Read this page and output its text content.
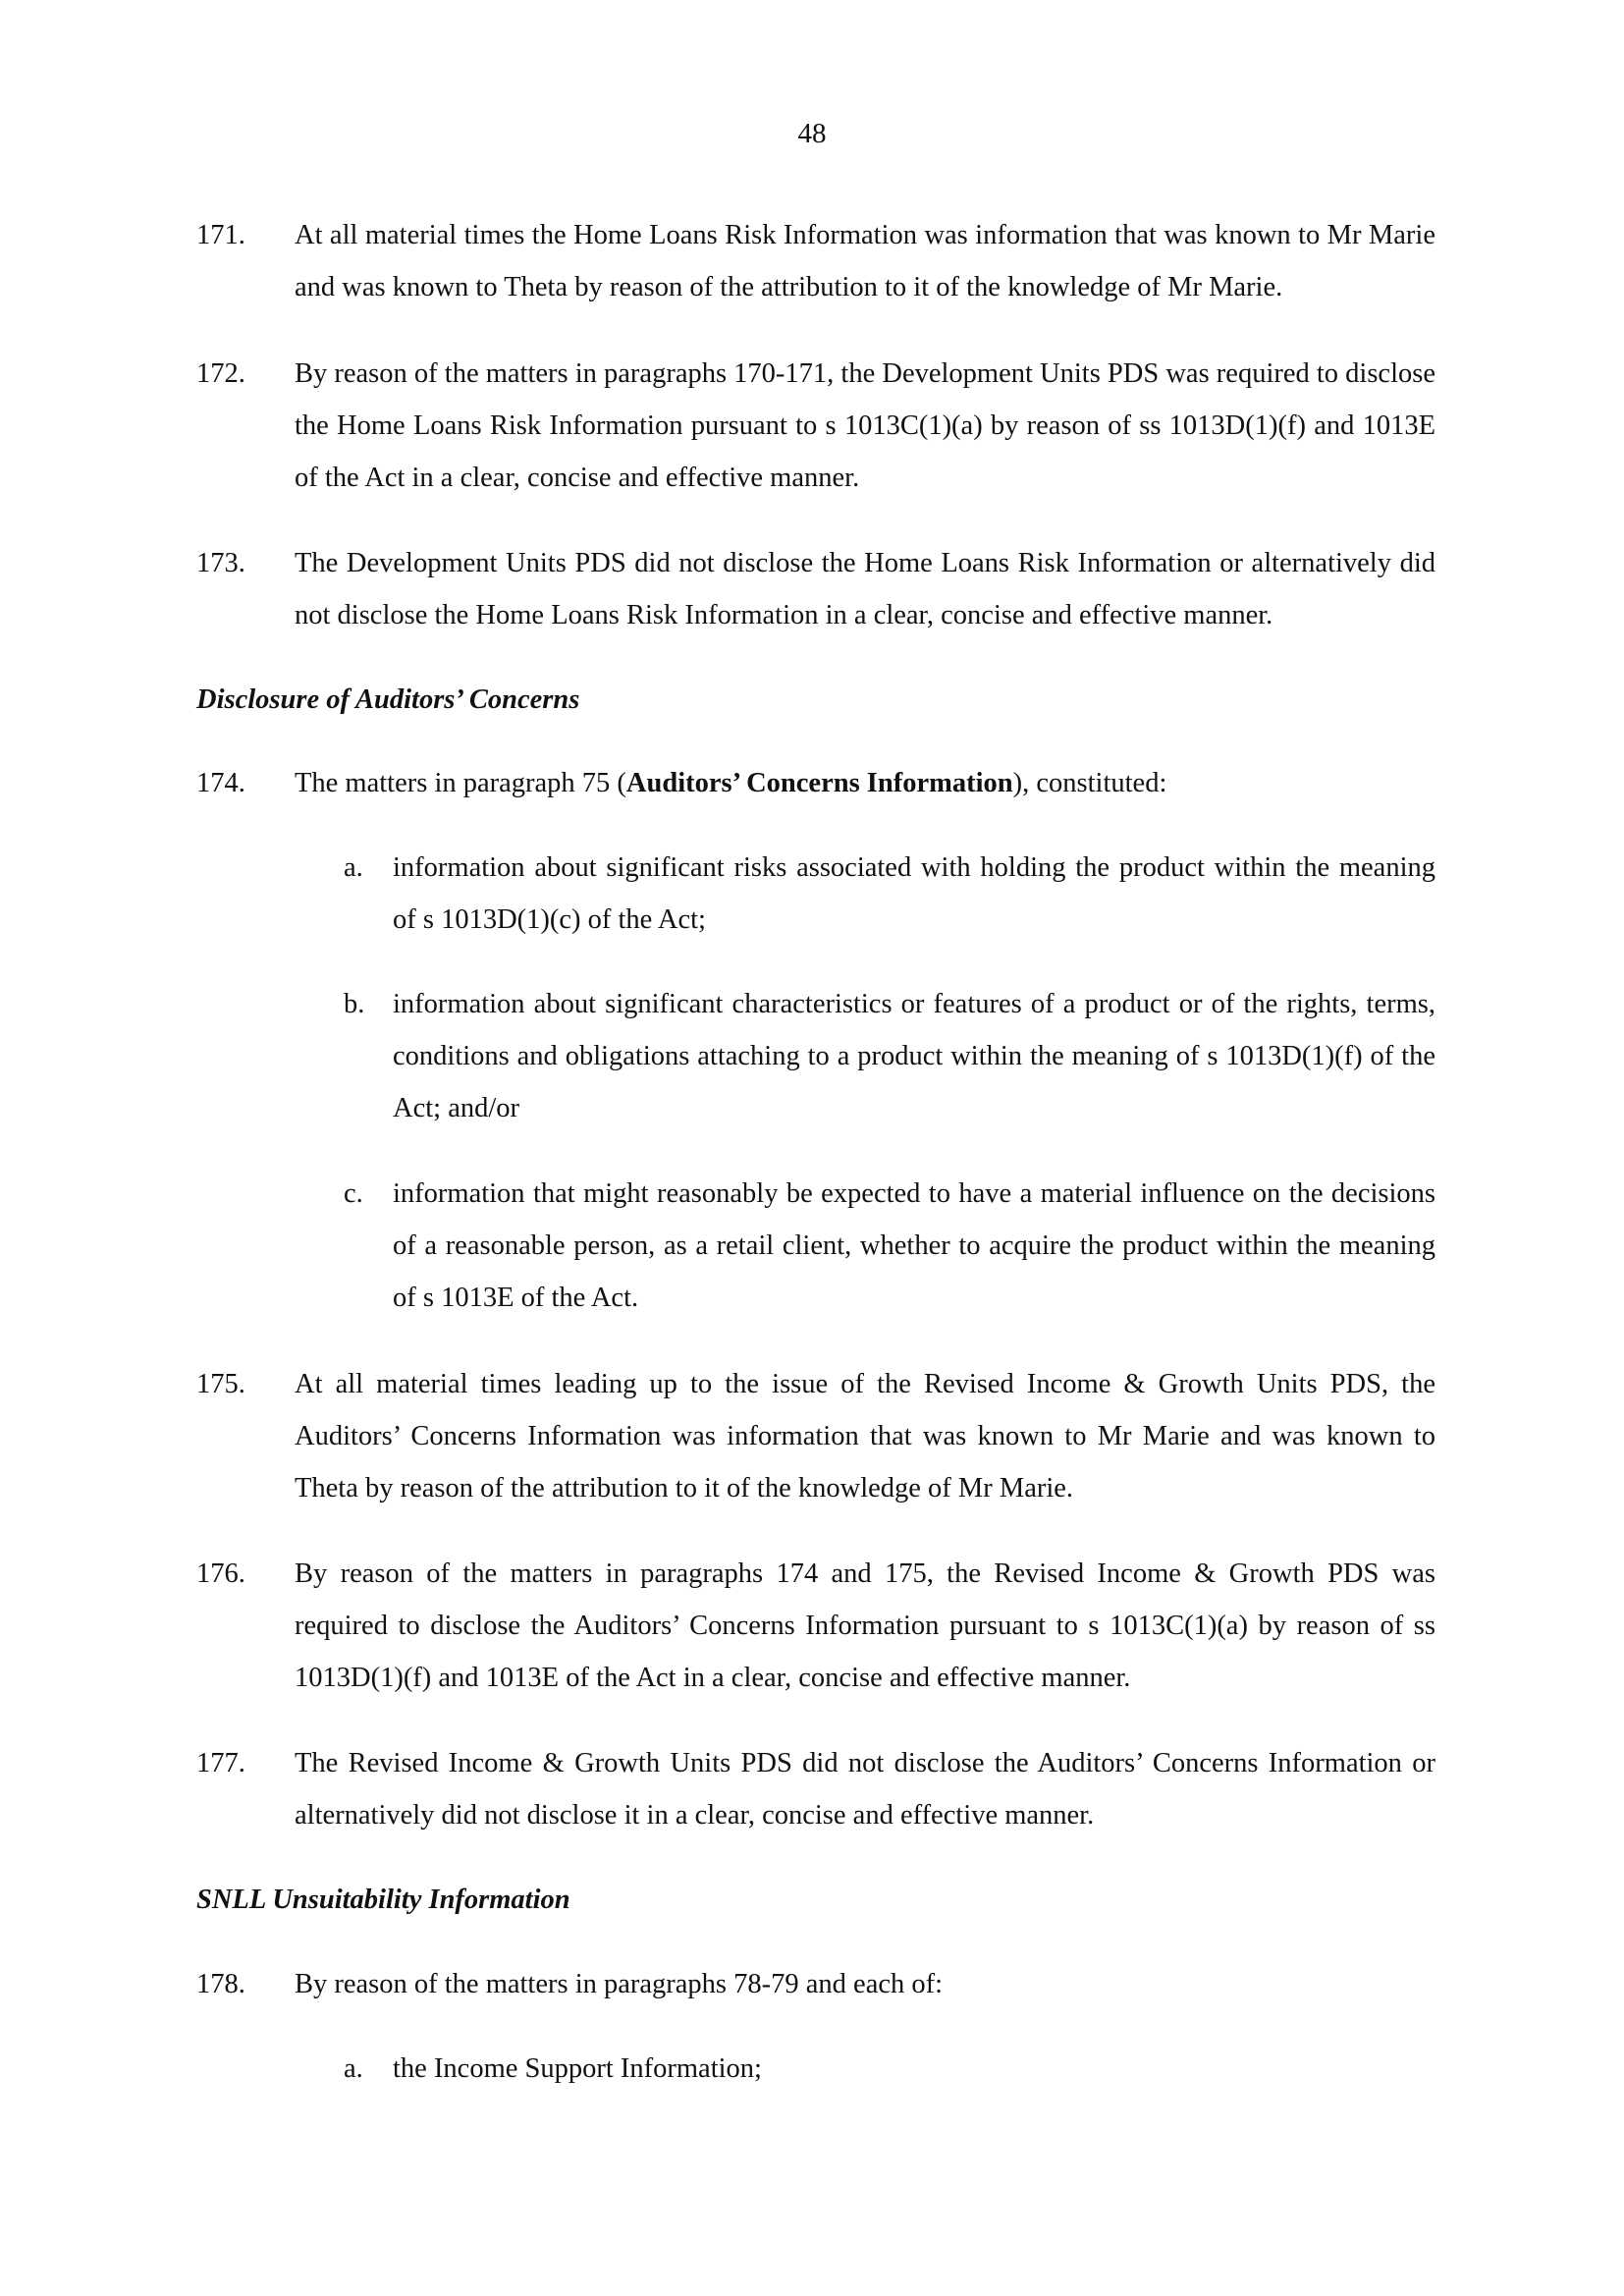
48
171. At all material times the Home Loans Risk Information was information that was known to Mr Marie and was known to Theta by reason of the attribution to it of the knowledge of Mr Marie.
172. By reason of the matters in paragraphs 170-171, the Development Units PDS was required to disclose the Home Loans Risk Information pursuant to s 1013C(1)(a) by reason of ss 1013D(1)(f) and 1013E of the Act in a clear, concise and effective manner.
173. The Development Units PDS did not disclose the Home Loans Risk Information or alternatively did not disclose the Home Loans Risk Information in a clear, concise and effective manner.
Disclosure of Auditors’ Concerns
174. The matters in paragraph 75 (Auditors’ Concerns Information), constituted:
a. information about significant risks associated with holding the product within the meaning of s 1013D(1)(c) of the Act;
b. information about significant characteristics or features of a product or of the rights, terms, conditions and obligations attaching to a product within the meaning of s 1013D(1)(f) of the Act; and/or
c. information that might reasonably be expected to have a material influence on the decisions of a reasonable person, as a retail client, whether to acquire the product within the meaning of s 1013E of the Act.
175. At all material times leading up to the issue of the Revised Income & Growth Units PDS, the Auditors’ Concerns Information was information that was known to Mr Marie and was known to Theta by reason of the attribution to it of the knowledge of Mr Marie.
176. By reason of the matters in paragraphs 174 and 175, the Revised Income & Growth PDS was required to disclose the Auditors’ Concerns Information pursuant to s 1013C(1)(a) by reason of ss 1013D(1)(f) and 1013E of the Act in a clear, concise and effective manner.
177. The Revised Income & Growth Units PDS did not disclose the Auditors’ Concerns Information or alternatively did not disclose it in a clear, concise and effective manner.
SNLL Unsuitability Information
178. By reason of the matters in paragraphs 78-79 and each of:
a. the Income Support Information;
